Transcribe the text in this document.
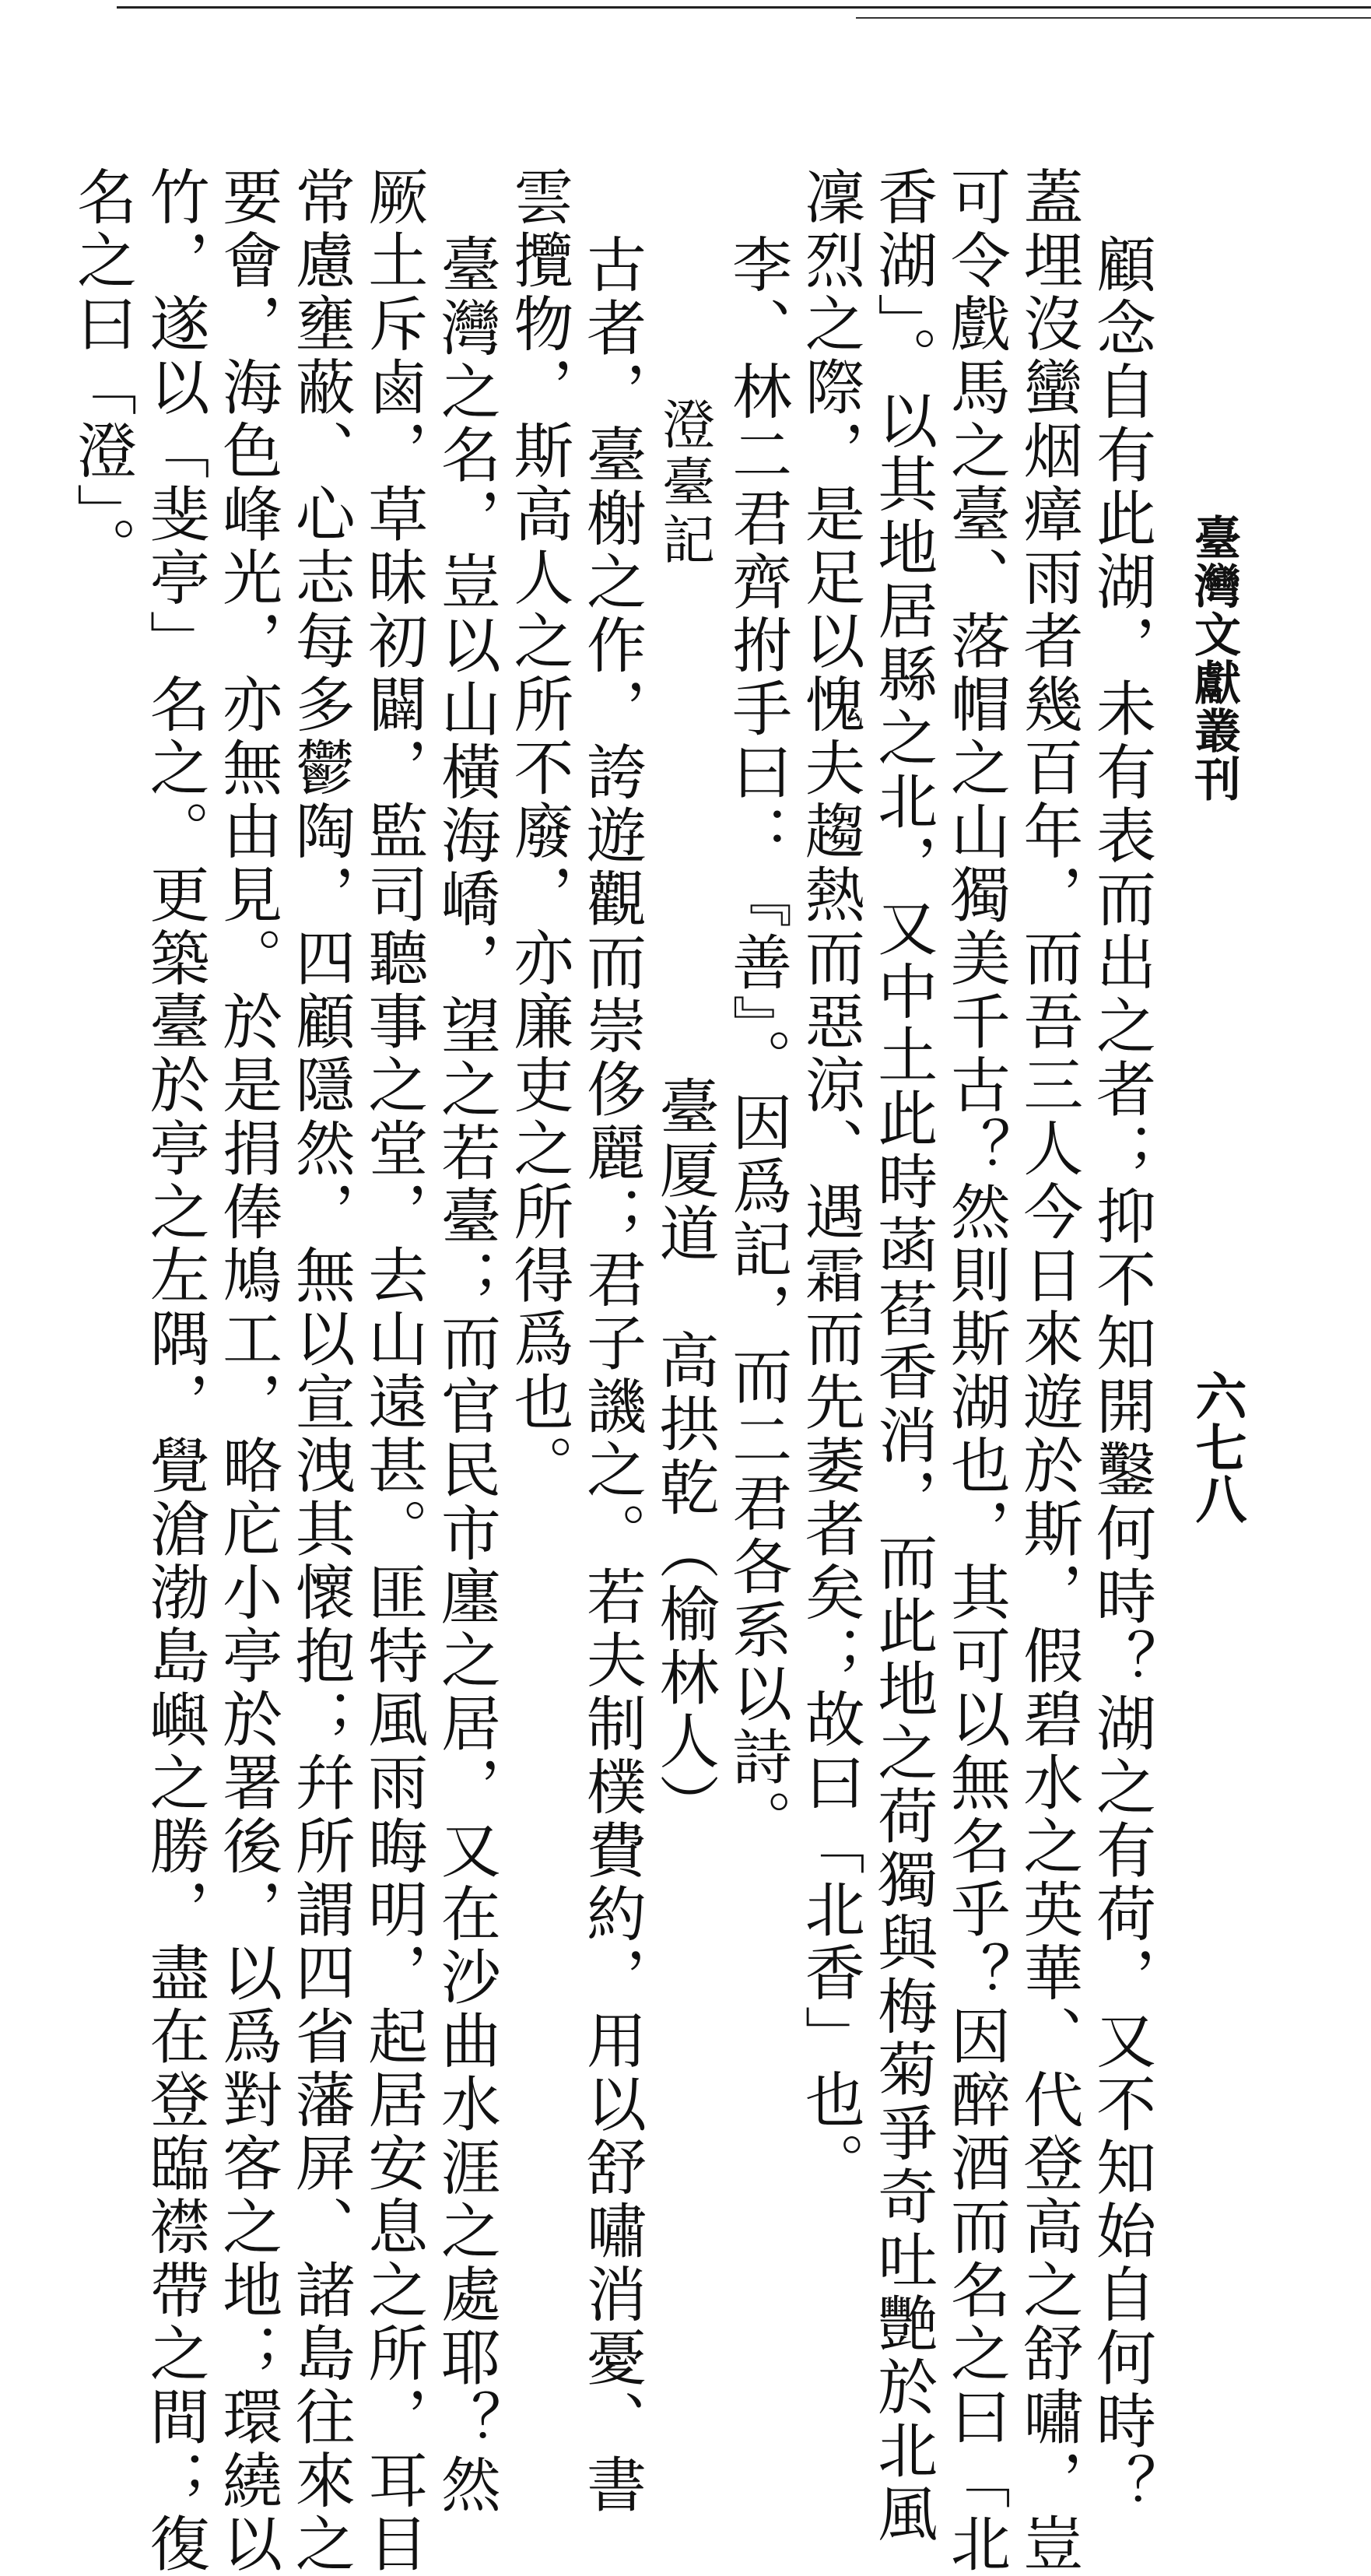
臺灣文獻叢刊
六七八
顧念自有此湖，未有表而出之者；抑不知開鑿何時？湖之有荷，又不知始自何時？
蓋埋沒蠻烟瘴雨者幾百年，而吾三人今日來遊於斯，假碧水之英華、代登高之舒嘯，豈
可令戲馬之臺、落帽之山獨美千古？然則斯湖也，其可以無名乎？因醉酒而名之曰「北
香湖」。以其地居縣之北，又中土此時菡萏香消，而此地之荷獨與梅菊爭奇吐艷於北風
凜烈之際，是足以愧夫趨熱而惡涼、遇霜而先萎者矣；故曰「北香」也。
李、林二君齊拊手曰：『善』。因爲記，而二君各系以詩。
澄臺記臺厦道　高拱乾（榆林人）
古者，臺榭之作，誇遊觀而崇侈麗；君子譏之。若夫制樸費約，用以舒嘯消憂、書
雲攬物，斯高人之所不廢，亦廉吏之所得爲也。
臺灣之名，豈以山橫海嶠，望之若臺；而官民市廛之居，又在沙曲水涯之處耶？然
厥土斥鹵，草昧初闢，監司聽事之堂，去山遠甚。匪特風雨晦明，起居安息之所，耳目
常慮壅蔽、心志每多鬱陶，四顧隱然，無以宣洩其懷抱；幷所謂四省藩屏、諸島往來之
要會，海色峰光，亦無由見。於是捐俸鳩工，略庀小亭於署後，以爲對客之地；環繞以
竹，遂以「斐亭」名之。更築臺於亭之左隅，覺滄渤島嶼之勝，盡在登臨襟帶之間；復
名之曰「澄」。
